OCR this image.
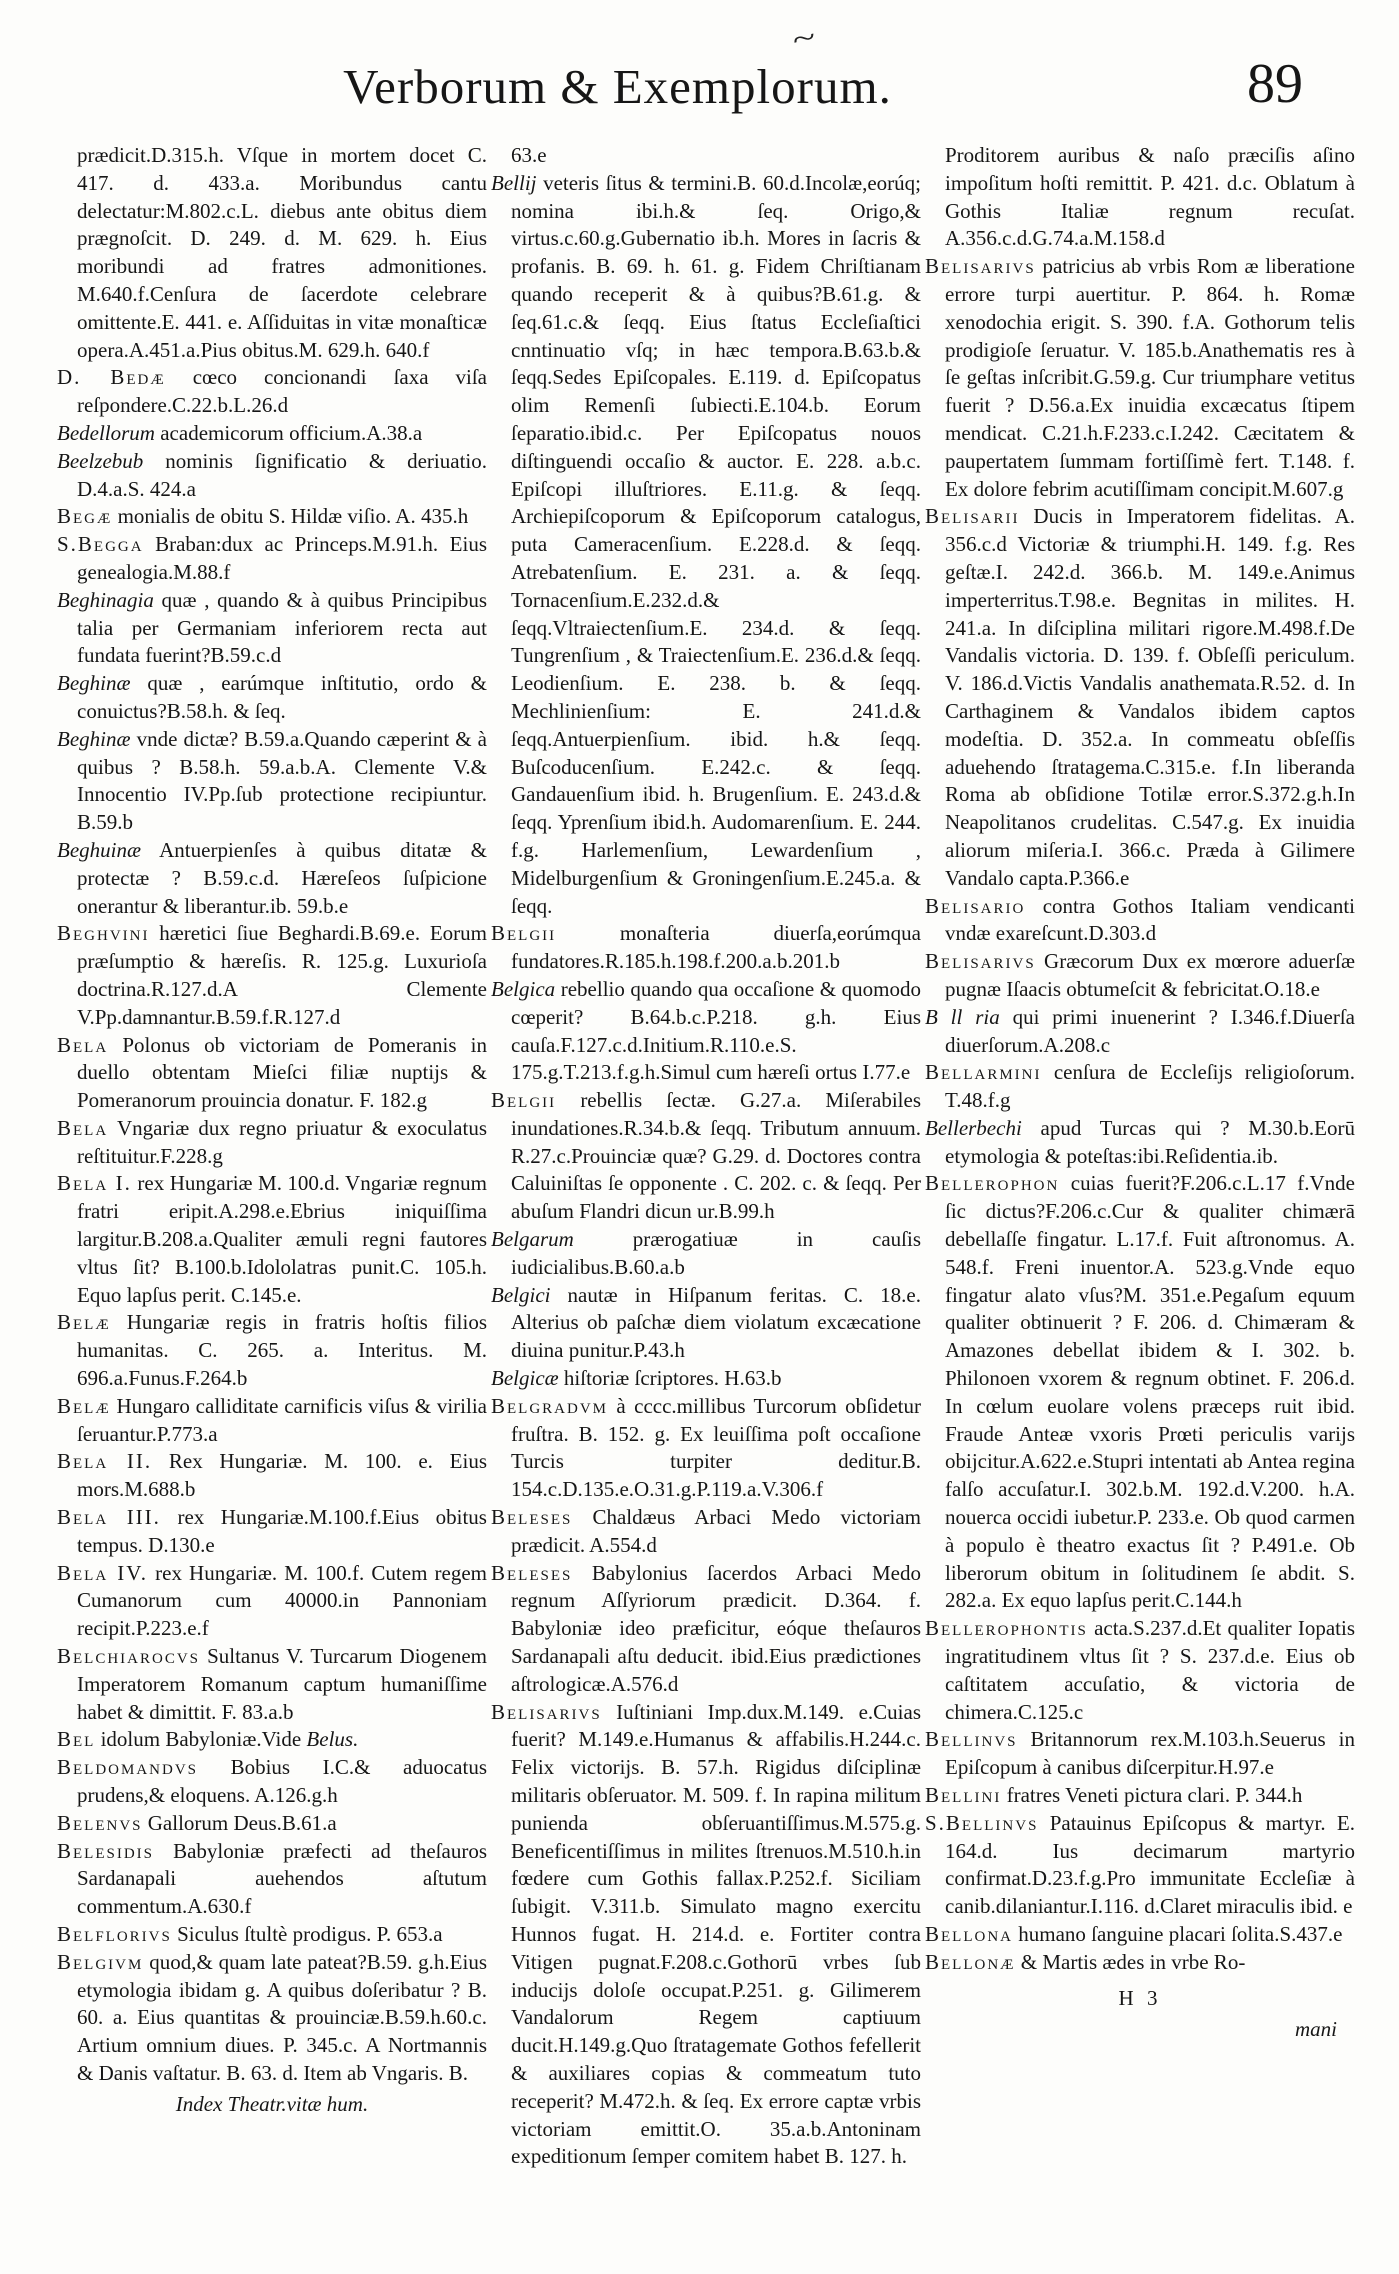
~
Verborum & Exemplorum.	89

prædicit.D.315.h. Vſque in mortem docet C. 417. d. 433.a. Moribundus cantu delectatur:M.802.c.L. diebus ante obitus diem prægnoſcit. D. 249. d. M. 629. h. Eius moribundi ad fratres admonitiones. M.640.f.Cenſura de ſacerdote celebrare omittente.E. 441. e. Aſſiduitas in vitæ monaſticæ opera.A.451.a.Pius obitus.M. 629.h. 640.f

D. Bedæ cœco concionandi ſaxa viſa reſpondere.C.22.b.L.26.d

Bedellorum academicorum officium.A.38.a

Beelzebub nominis ſignificatio & deriuatio. D.4.a.S. 424.a

Begæ monialis de obitu S. Hildæ viſio. A. 435.h

S.Begga Braban:dux ac Princeps.M.91.h. Eius genealogia.M.88.f

Beghinagia quæ , quando & à quibus Principibus talia per Germaniam inferiorem recta aut fundata fuerint?B.59.c.d

Beghinæ quæ , earúmque inſtitutio, ordo & conuictus?B.58.h. & ſeq.

Beghinæ vnde dictæ? B.59.a.Quando cæperint & à quibus ? B.58.h. 59.a.b.A. Clemente V.& Innocentio IV.Pp.ſub protectione recipiuntur. B.59.b

Beghuinæ Antuerpienſes à quibus ditatæ & protectæ ? B.59.c.d. Hæreſeos ſuſpicione onerantur & liberantur.ib. 59.b.e

Beghvini hæretici ſiue Beghardi.B.69.e. Eorum præſumptio & hæreſis. R. 125.g. Luxurioſa doctrina.R.127.d.A Clemente V.Pp.damnantur.B.59.f.R.127.d

Bela Polonus ob victoriam de Pomeranis in duello obtentam Mieſci filiæ nuptijs & Pomeranorum prouincia donatur. F. 182.g

Bela Vngariæ dux regno priuatur & exoculatus reſtituitur.F.228.g

Bela I. rex Hungariæ M. 100.d. Vngariæ regnum fratri eripit.A.298.e.Ebrius iniquiſſima largitur.B.208.a.Qualiter æmuli regni fautores vltus ſit? B.100.b.Idololatras punit.C. 105.h. Equo lapſus perit. C.145.e.

Belæ Hungariæ regis in fratris hoſtis filios humanitas. C. 265. a. Interitus. M. 696.a.Funus.F.264.b

Belæ Hungaro calliditate carnificis viſus & virilia ſeruantur.P.773.a

Bela II. Rex Hungariæ. M. 100. e. Eius mors.M.688.b

Bela III. rex Hungariæ.M.100.f.Eius obitus tempus. D.130.e

Bela IV. rex Hungariæ. M. 100.f. Cutem regem Cumanorum cum 40000.in Pannoniam recipit.P.223.e.f

Belchiarocvs Sultanus V. Turcarum Diogenem Imperatorem Romanum captum humaniſſime habet & dimittit. F. 83.a.b

Bel idolum Babyloniæ.Vide Belus.

Beldomandvs Bobius I.C.& aduocatus prudens,& eloquens. A.126.g.h

Belenvs Gallorum Deus.B.61.a

Belesidis Babyloniæ præfecti ad theſauros Sardanapali auehendos aſtutum commentum.A.630.f

Belflorivs Siculus ſtultè prodigus. P. 653.a

Belgivm quod,& quam late pateat?B.59. g.h.Eius etymologia ibidam g. A quibus doſeribatur ? B. 60. a. Eius quantitas & prouinciæ.B.59.h.60.c. Artium omnium diues. P. 345.c. A Nortmannis & Danis vaſtatur. B. 63. d. Item ab Vngaris. B.

Index Theatr.vitæ hum.

63.e

Bellij veteris ſitus & termini.B. 60.d.Incolæ,eorúq; nomina ibi.h.& ſeq. Origo,& virtus.c.60.g.Gubernatio ib.h. Mores in ſacris & profanis. B. 69. h. 61. g. Fidem Chriſtianam quando receperit & à quibus?B.61.g. & ſeq.61.c.& ſeqq. Eius ſtatus Eccleſiaſtici cnntinuatio vſq; in hæc tempora.B.63.b.& ſeqq.Sedes Epiſcopales. E.119. d. Epiſcopatus olim Remenſi ſubiecti.E.104.b. Eorum ſeparatio.ibid.c. Per Epiſcopatus nouos diſtinguendi occaſio & auctor. E. 228. a.b.c. Epiſcopi illuſtriores. E.11.g. & ſeqq. Archiepiſcoporum & Epiſcoporum catalogus, puta Cameracenſium. E.228.d. & ſeqq. Atrebatenſium. E. 231. a. & ſeqq. Tornacenſium.E.232.d.& ſeqq.Vltraiectenſium.E. 234.d. & ſeqq. Tungrenſium , & Traiectenſium.E. 236.d.& ſeqq. Leodienſium. E. 238. b. & ſeqq. Mechlinienſium: E. 241.d.& ſeqq.Antuerpienſium. ibid. h.& ſeqq. Buſcoducenſium. E.242.c. & ſeqq. Gandauenſium ibid. h. Brugenſium. E. 243.d.& ſeqq. Yprenſium ibid.h. Audomarenſium. E. 244. f.g. Harlemenſium, Lewardenſium , Midelburgenſium & Groningenſium.E.245.a. & ſeqq.

Belgii	monaſteria diuerſa,eorúmqua fundatores.R.185.h.198.f.200.a.b.201.b

Belgica rebellio quando qua occaſione & quomodo cœperit? B.64.b.c.P.218. g.h. Eius cauſa.F.127.c.d.Initium.R.110.e.S. 175.g.T.213.f.g.h.Simul cum hæreſi ortus I.77.e

Belgii rebellis ſectæ. G.27.a. Miſerabiles inundationes.R.34.b.& ſeqq. Tributum annuum. R.27.c.Prouinciæ quæ? G.29. d. Doctores contra Caluiniſtas ſe opponente . C. 202. c. & ſeqq. Per abuſum Flandri dicun ur.B.99.h

Belgarum	prærogatiuæ in cauſis iudicialibus.B.60.a.b

Belgici nautæ in Hiſpanum feritas. C. 18.e. Alterius ob paſchæ diem violatum excæcatione diuina punitur.P.43.h

Belgicæ hiſtoriæ ſcriptores. H.63.b

Belgradvm à cccc.millibus Turcorum obſidetur fruſtra. B. 152. g. Ex leuiſſima poſt occaſione Turcis turpiter deditur.B. 154.c.D.135.e.O.31.g.P.119.a.V.306.f

Beleses Chaldæus Arbaci Medo victoriam prædicit. A.554.d

Beleses Babylonius ſacerdos Arbaci Medo regnum Aſſyriorum prædicit. D.364. f. Babyloniæ ideo præficitur, eóque theſauros Sardanapali aſtu deducit. ibid.Eius prædictiones aſtrologicæ.A.576.d

Belisarivs Iuſtiniani Imp.dux.M.149. e.Cuias fuerit? M.149.e.Humanus & affabilis.H.244.c. Felix victorijs. B. 57.h. Rigidus diſciplinæ militaris obſeruator. M. 509. f. In rapina militum punienda obſeruantiſſimus.M.575.g. Beneficentiſſimus in milites ſtrenuos.M.510.h.in fœdere cum Gothis fallax.P.252.f. Siciliam ſubigit. V.311.b. Simulato magno exercitu Hunnos fugat. H. 214.d. e. Fortiter contra Vitigen pugnat.F.208.c.Gothorū vrbes ſub inducijs doloſe occupat.P.251. g. Gilimerem Vandalorum Regem captiuum ducit.H.149.g.Quo ſtratagemate Gothos fefellerit & auxiliares copias & commeatum tuto receperit? M.472.h. & ſeq. Ex errore captæ vrbis victoriam emittit.O. 35.a.b.Antoninam expeditionum ſemper comitem habet B. 127. h.

Proditorem auribus & naſo præciſis aſino impoſitum hoſti remittit. P. 421. d.c. Oblatum à Gothis Italiæ regnum recuſat. A.356.c.d.G.74.a.M.158.d

Belisarivs patricius ab vrbis Rom æ liberatione errore turpi auertitur. P. 864. h. Romæ xenodochia erigit. S. 390. f.A. Gothorum telis prodigioſe ſeruatur. V. 185.b.Anathematis res à ſe geſtas inſcribit.G.59.g. Cur triumphare vetitus fuerit ? D.56.a.Ex inuidia excæcatus ſtipem mendicat. C.21.h.F.233.c.I.242. Cæcitatem & paupertatem ſummam fortiſſimè fert. T.148. f. Ex dolore febrim acutiſſimam concipit.M.607.g

Belisarii Ducis in Imperatorem fidelitas. A. 356.c.d Victoriæ & triumphi.H. 149. f.g. Res geſtæ.I. 242.d. 366.b. M. 149.e.Animus imperterritus.T.98.e. Begnitas in milites. H. 241.a. In diſciplina militari rigore.M.498.f.De Vandalis victoria. D. 139. f. Obſeſſi periculum. V. 186.d.Victis Vandalis anathemata.R.52. d. In Carthaginem & Vandalos ibidem captos modeſtia. D. 352.a. In commeatu obſeſſis aduehendo ſtratagema.C.315.e. f.In liberanda Roma ab obſidione Totilæ error.S.372.g.h.In Neapolitanos crudelitas. C.547.g. Ex inuidia aliorum miſeria.I. 366.c. Præda à Gilimere Vandalo capta.P.366.e

Belisario contra Gothos Italiam vendicanti vndæ exareſcunt.D.303.d

Belisarivs Græcorum Dux ex mœrore aduerſæ pugnæ Iſaacis obtumeſcit & febricitat.O.18.e

B ll ria qui primi inuenerint ? I.346.f.Diuerſa diuerſorum.A.208.c

Bellarmini cenſura de Eccleſijs religioſorum. T.48.f.g

Bellerbechi apud Turcas qui ? M.30.b.Eorū etymologia & poteſtas:ibi.Reſidentia.ib.

Bellerophon cuias fuerit?F.206.c.L.17 f.Vnde ſic dictus?F.206.c.Cur & qualiter chimærā debellaſſe fingatur. L.17.f. Fuit aſtronomus. A. 548.f. Freni inuentor.A. 523.g.Vnde equo fingatur alato vſus?M. 351.e.Pegaſum equum qualiter obtinuerit ? F. 206. d. Chimæram & Amazones debellat ibidem & I. 302. b. Philonoen vxorem & regnum obtinet. F. 206.d. In cœlum euolare volens præceps ruit ibid. Fraude Anteæ vxoris Prœti periculis varijs obijcitur.A.622.e.Stupri intentati ab Antea regina falſo accuſatur.I. 302.b.M. 192.d.V.200. h.A. nouerca occidi iubetur.P. 233.e. Ob quod carmen à populo è theatro exactus ſit ? P.491.e. Ob liberorum obitum in ſolitudinem ſe abdit. S. 282.a. Ex equo lapſus perit.C.144.h

Bellerophontis acta.S.237.d.Et qualiter Iopatis ingratitudinem vltus ſit ? S. 237.d.e. Eius ob caſtitatem accuſatio, & victoria de chimera.C.125.c

Bellinvs Britannorum rex.M.103.h.Seuerus in Epiſcopum à canibus diſcerpitur.H.97.e

Bellini fratres Veneti pictura clari. P. 344.h

S.Bellinvs Patauinus Epiſcopus & martyr. E. 164.d. Ius decimarum martyrio confirmat.D.23.f.g.Pro immunitate Eccleſiæ à canib.dilaniantur.I.116. d.Claret miraculis ibid. e

Bellona humano ſanguine placari ſolita.S.437.e

Bellonæ & Martis ædes in vrbe Ro-

H 3
mani
